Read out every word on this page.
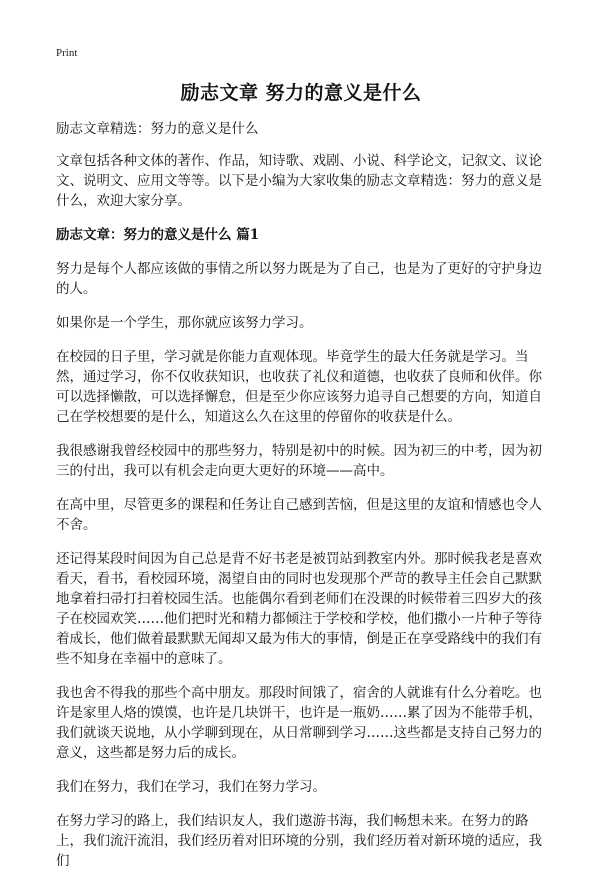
Print
励志文章 努力的意义是什么

励志文章精选：努力的意义是什么

文章包括各种文体的著作、作品，知诗歌、戏剧、小说、科学论文，记叙文、议论文、说明文、应用文等等。以下是小编为大家收集的励志文章精选：努力的意义是什么，欢迎大家分享。

励志文章：努力的意义是什么 篇1

努力是每个人都应该做的事情之所以努力既是为了自己，也是为了更好的守护身边的人。

如果你是一个学生，那你就应该努力学习。

在校园的日子里，学习就是你能力直观体现。毕竟学生的最大任务就是学习。当然，通过学习，你不仅收获知识，也收获了礼仪和道德，也收获了良师和伙伴。你可以选择懒散，可以选择懈怠，但是至少你应该努力追寻自己想要的方向，知道自己在学校想要的是什么，知道这么久在这里的停留你的收获是什么。

我很感谢我曾经校园中的那些努力，特别是初中的时候。因为初三的中考，因为初三的付出，我可以有机会走向更大更好的环境——高中。

在高中里，尽管更多的课程和任务让自己感到苦恼，但是这里的友谊和情感也令人不舍。

还记得某段时间因为自己总是背不好书老是被罚站到教室内外。那时候我老是喜欢看天，看书，看校园环境，渴望自由的同时也发现那个严苛的教导主任会自己默默地拿着扫帚打扫着校园生活。也能偶尔看到老师们在没课的时候带着三四岁大的孩子在校园欢笑……他们把时光和精力都倾注于学校和学校，他们撒小一片种子等待着成长，他们做着最默默无闻却又最为伟大的事情，倒是正在享受路线中的我们有些不知身在幸福中的意味了。

我也舍不得我的那些个高中朋友。那段时间饿了，宿舍的人就谁有什么分着吃。也许是家里人烙的馍馍，也许是几块饼干，也许是一瓶奶……累了因为不能带手机，我们就谈天说地，从小学聊到现在，从日常聊到学习……这些都是支持自己努力的意义，这些都是努力后的成长。

我们在努力，我们在学习，我们在努力学习。

在努力学习的路上，我们结识友人，我们遨游书海，我们畅想未来。在努力的路上，我们流汗流泪，我们经历着对旧环境的分别，我们经历着对新环境的适应，我们
